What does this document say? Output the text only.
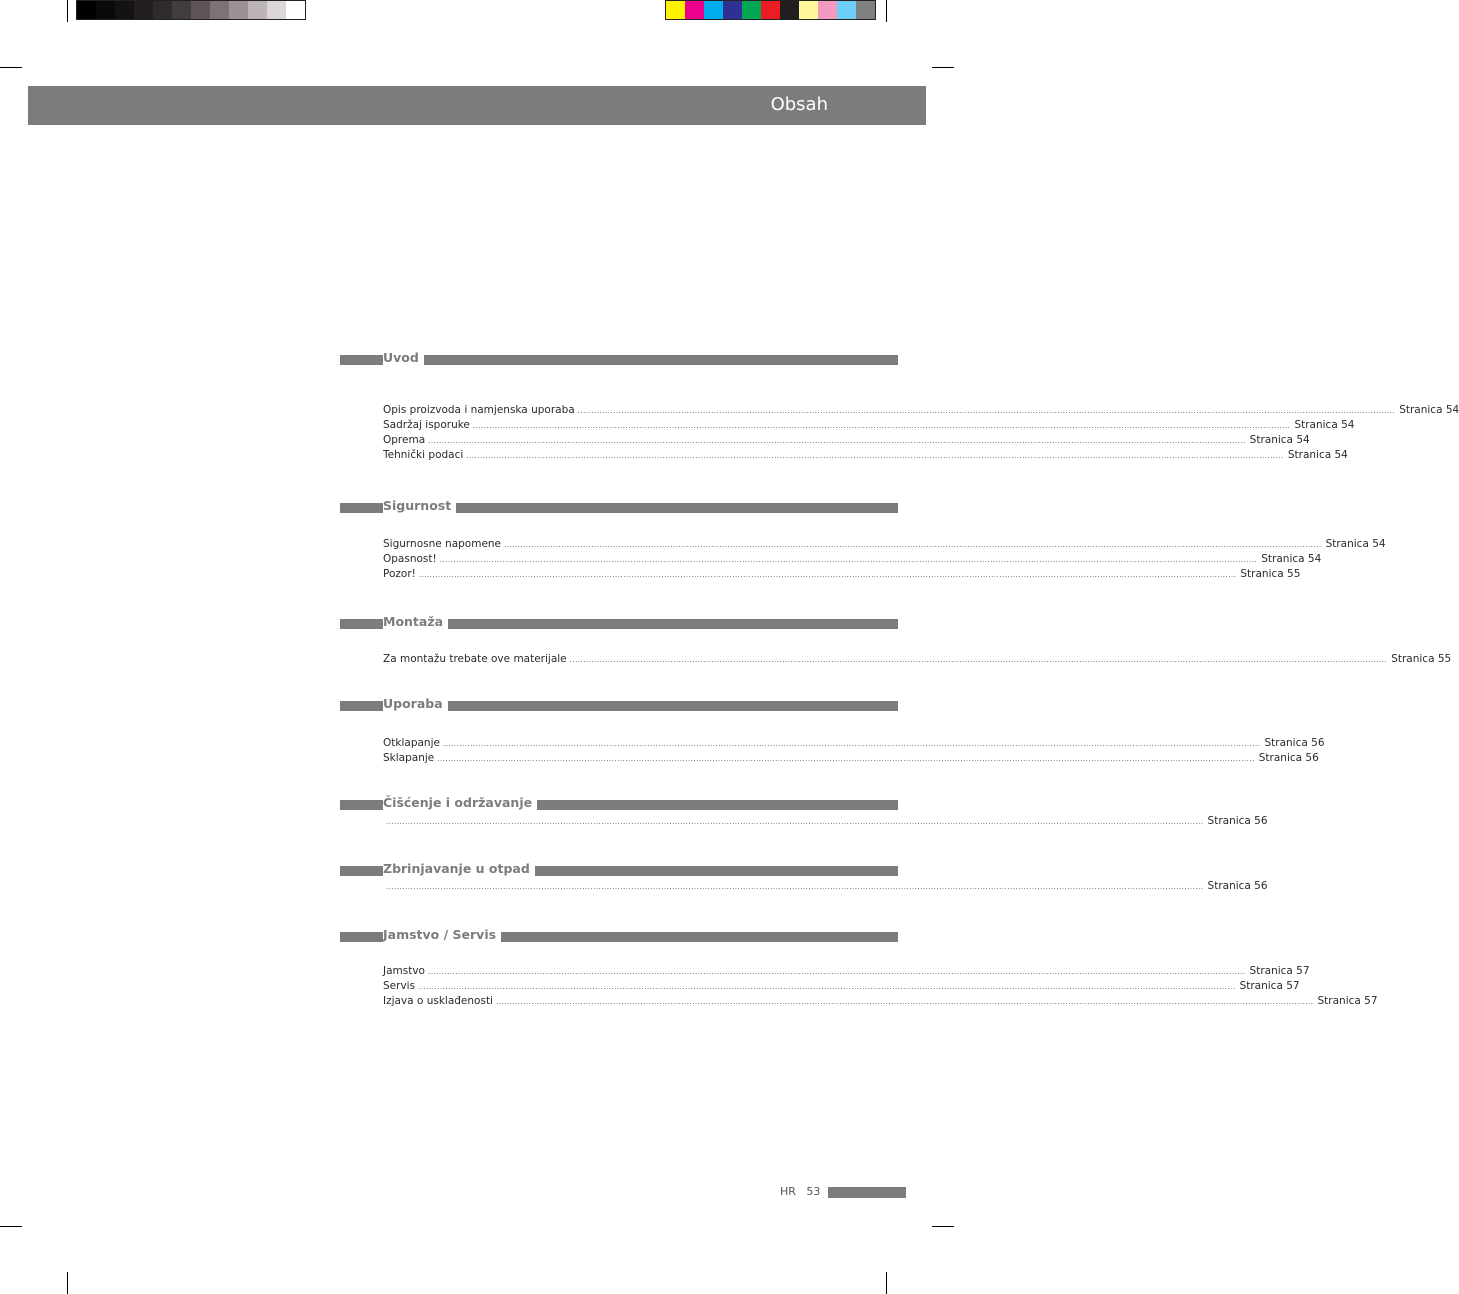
Obsah
Uvod
Opis proizvoda i namjenska uporaba ............................................................................................................................................................................................................................................................................................................ Stranica 54
Sadržaj isporuke ............................................................................................................................................................................................................................................................................................................ Stranica 54
Oprema ............................................................................................................................................................................................................................................................................................................ Stranica 54
Tehnički podaci ............................................................................................................................................................................................................................................................................................................ Stranica 54
Sigurnost
Sigurnosne napomene ............................................................................................................................................................................................................................................................................................................ Stranica 54
Opasnost! ............................................................................................................................................................................................................................................................................................................ Stranica 54
Pozor! ............................................................................................................................................................................................................................................................................................................ Stranica 55
Montaža
Za montažu trebate ove materijale ............................................................................................................................................................................................................................................................................................................ Stranica 55
Uporaba
Otklapanje ............................................................................................................................................................................................................................................................................................................ Stranica 56
Sklapanje ............................................................................................................................................................................................................................................................................................................ Stranica 56
Čišćenje i održavanje
............................................................................................................................................................................................................................................................................................................ Stranica 56
Zbrinjavanje u otpad
............................................................................................................................................................................................................................................................................................................ Stranica 56
Jamstvo / Servis
Jamstvo ............................................................................................................................................................................................................................................................................................................ Stranica 57
Servis ............................................................................................................................................................................................................................................................................................................ Stranica 57
Izjava o usklađenosti ............................................................................................................................................................................................................................................................................................................ Stranica 57
HR 53
